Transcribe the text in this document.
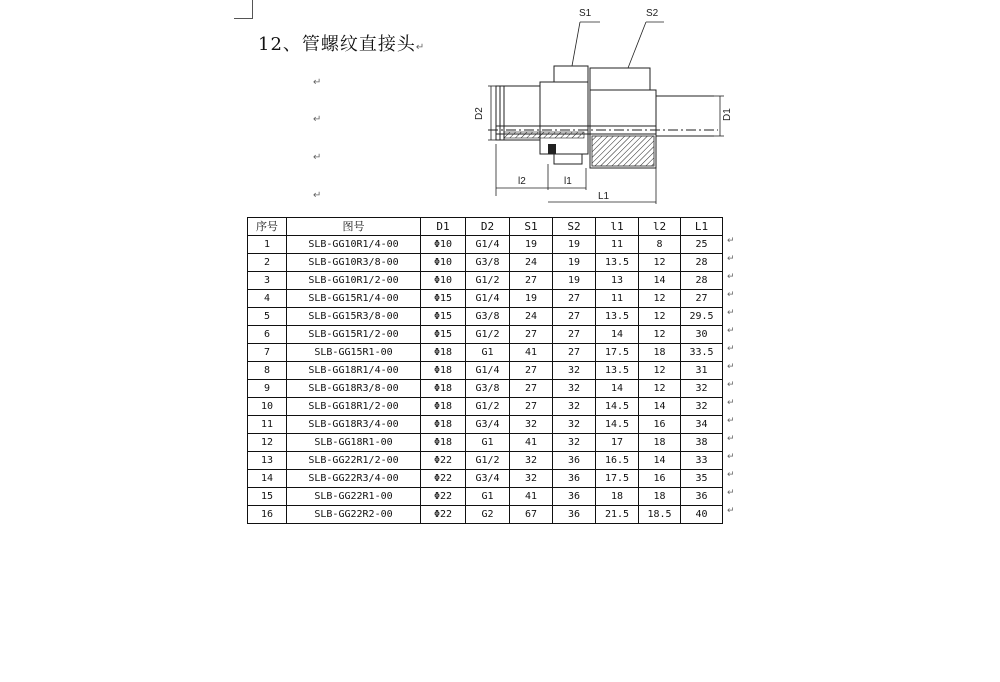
12、管螺纹直接头↵
↵
↵
↵
↵
S1	S2
D2	D1
l2	l1
L1
序号	图号	D1	D2	S1	S2	l1	l2	L1
1	SLB-GG10R1/4-00	Φ10	G1/4	19	19	11	8	25
2	SLB-GG10R3/8-00	Φ10	G3/8	24	19	13.5	12	28
3	SLB-GG10R1/2-00	Φ10	G1/2	27	19	13	14	28
4	SLB-GG15R1/4-00	Φ15	G1/4	19	27	11	12	27
5	SLB-GG15R3/8-00	Φ15	G3/8	24	27	13.5	12	29.5
6	SLB-GG15R1/2-00	Φ15	G1/2	27	27	14	12	30
7	SLB-GG15R1-00	Φ18	G1	41	27	17.5	18	33.5
8	SLB-GG18R1/4-00	Φ18	G1/4	27	32	13.5	12	31
9	SLB-GG18R3/8-00	Φ18	G3/8	27	32	14	12	32
10	SLB-GG18R1/2-00	Φ18	G1/2	27	32	14.5	14	32
11	SLB-GG18R3/4-00	Φ18	G3/4	32	32	14.5	16	34
12	SLB-GG18R1-00	Φ18	G1	41	32	17	18	38
13	SLB-GG22R1/2-00	Φ22	G1/2	32	36	16.5	14	33
14	SLB-GG22R3/4-00	Φ22	G3/4	32	36	17.5	16	35
15	SLB-GG22R1-00	Φ22	G1	41	36	18	18	36
16	SLB-GG22R2-00	Φ22	G2	67	36	21.5	18.5	40
↵
↵
↵
↵
↵
↵
↵
↵
↵
↵
↵
↵
↵
↵
↵
↵
